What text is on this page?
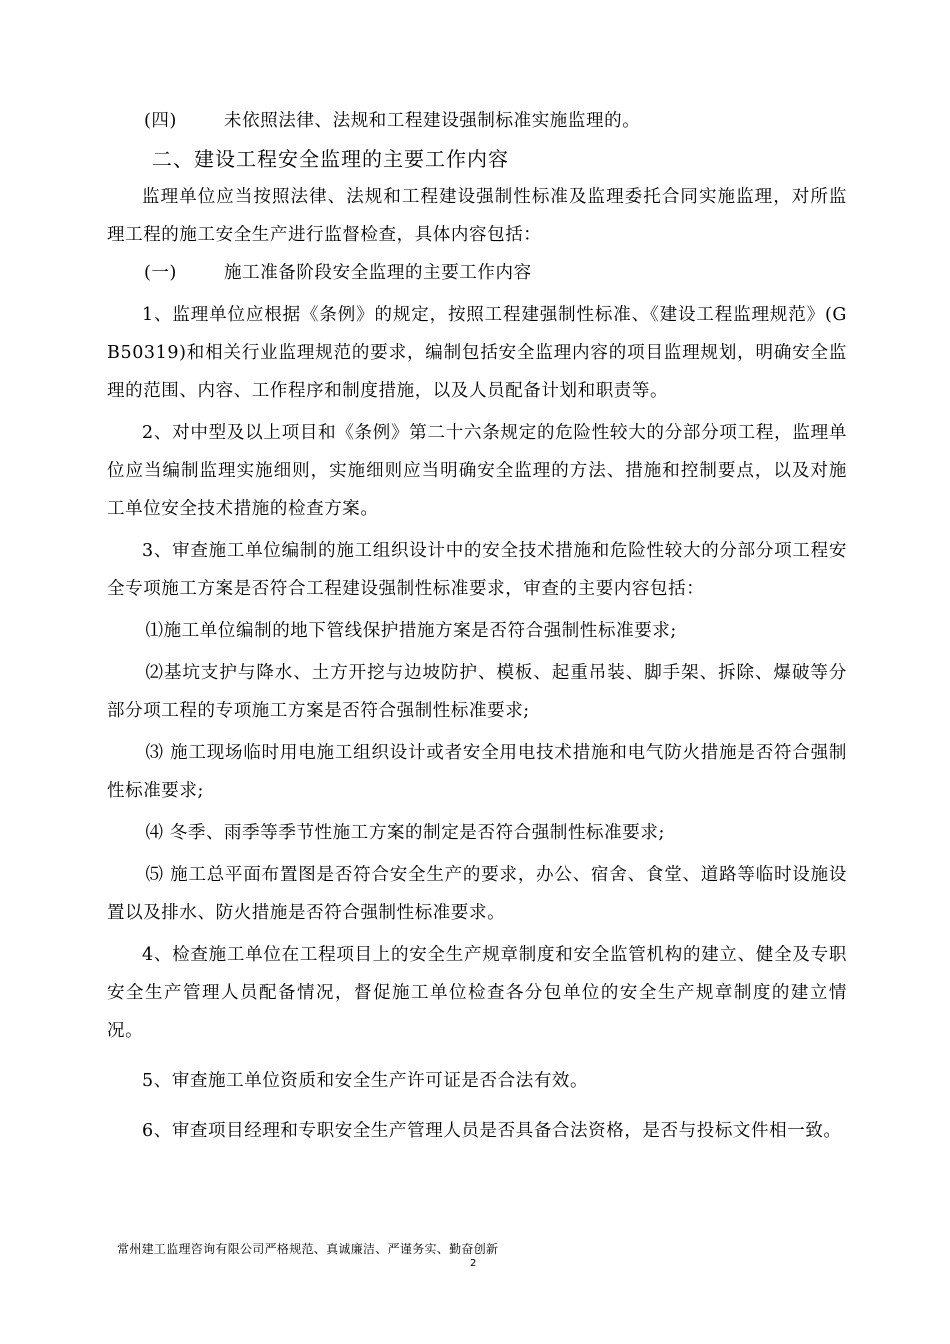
(四)	未依照法律、法规和工程建设强制标准实施监理的。

二、建设工程安全监理的主要工作内容

监理单位应当按照法律、法规和工程建设强制性标准及监理委托合同实施监理，对所监理工程的施工安全生产进行监督检查，具体内容包括：

(一)	施工准备阶段安全监理的主要工作内容

1、监理单位应根据《条例》的规定，按照工程建强制性标准、《建设工程监理规范》(GB50319)和相关行业监理规范的要求，编制包括安全监理内容的项目监理规划，明确安全监理的范围、内容、工作程序和制度措施，以及人员配备计划和职责等。

2、对中型及以上项目和《条例》第二十六条规定的危险性较大的分部分项工程，监理单位应当编制监理实施细则，实施细则应当明确安全监理的方法、措施和控制要点，以及对施工单位安全技术措施的检查方案。

3、审查施工单位编制的施工组织设计中的安全技术措施和危险性较大的分部分项工程安全专项施工方案是否符合工程建设强制性标准要求，审查的主要内容包括：

⑴施工单位编制的地下管线保护措施方案是否符合强制性标准要求;

⑵基坑支护与降水、土方开挖与边坡防护、模板、起重吊装、脚手架、拆除、爆破等分部分项工程的专项施工方案是否符合强制性标准要求;

⑶ 施工现场临时用电施工组织设计或者安全用电技术措施和电气防火措施是否符合强制性标准要求;

⑷ 冬季、雨季等季节性施工方案的制定是否符合强制性标准要求;

⑸ 施工总平面布置图是否符合安全生产的要求，办公、宿舍、食堂、道路等临时设施设置以及排水、防火措施是否符合强制性标准要求。

4、检查施工单位在工程项目上的安全生产规章制度和安全监管机构的建立、健全及专职安全生产管理人员配备情况，督促施工单位检查各分包单位的安全生产规章制度的建立情况。

5、审查施工单位资质和安全生产许可证是否合法有效。

6、审查项目经理和专职安全生产管理人员是否具备合法资格，是否与投标文件相一致。

常州建工监理咨询有限公司严格规范、真诚廉洁、严谨务实、勤奋创新
2
